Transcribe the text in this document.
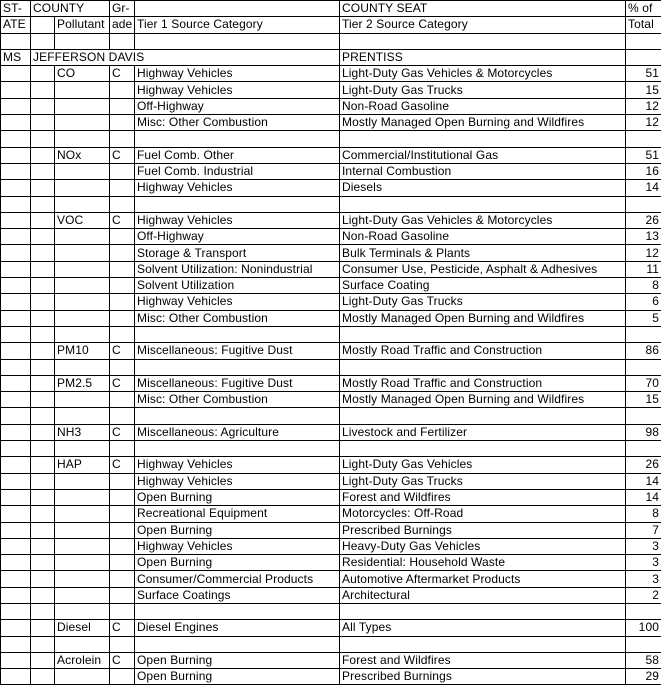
ST-	COUNTY		Gr-		COUNTY SEAT	% of
ATE		Pollutant	ade	Tier 1 Source Category	Tier 2 Source Category	Total

MS	JEFFERSON DAVIS				PRENTISS	
		CO	C	Highway Vehicles	Light-Duty Gas Vehicles & Motorcycles	51
				Highway Vehicles	Light-Duty Gas Trucks	15
				Off-Highway	Non-Road Gasoline	12
				Misc: Other Combustion	Mostly Managed Open Burning and Wildfires	12

		NOx	C	Fuel Comb. Other	Commercial/Institutional Gas	51
				Fuel Comb. Industrial	Internal Combustion	16
				Highway Vehicles	Diesels	14

		VOC	C	Highway Vehicles	Light-Duty Gas Vehicles & Motorcycles	26
				Off-Highway	Non-Road Gasoline	13
				Storage & Transport	Bulk Terminals & Plants	12
				Solvent Utilization: Nonindustrial	Consumer Use, Pesticide, Asphalt & Adhesives	11
				Solvent Utilization	Surface Coating	8
				Highway Vehicles	Light-Duty Gas Trucks	6
				Misc: Other Combustion	Mostly Managed Open Burning and Wildfires	5

		PM10	C	Miscellaneous: Fugitive Dust	Mostly Road Traffic and Construction	86

		PM2.5	C	Miscellaneous: Fugitive Dust	Mostly Road Traffic and Construction	70
				Misc: Other Combustion	Mostly Managed Open Burning and Wildfires	15

		NH3	C	Miscellaneous: Agriculture	Livestock and Fertilizer	98

		HAP	C	Highway Vehicles	Light-Duty Gas Vehicles	26
				Highway Vehicles	Light-Duty Gas Trucks	14
				Open Burning	Forest and Wildfires	14
				Recreational Equipment	Motorcycles: Off-Road	8
				Open Burning	Prescribed Burnings	7
				Highway Vehicles	Heavy-Duty Gas Vehicles	3
				Open Burning	Residential: Household Waste	3
				Consumer/Commercial Products	Automotive Aftermarket Products	3
				Surface Coatings	Architectural	2

		Diesel	C	Diesel Engines	All Types	100

		Acrolein	C	Open Burning	Forest and Wildfires	58
				Open Burning	Prescribed Burnings	29
